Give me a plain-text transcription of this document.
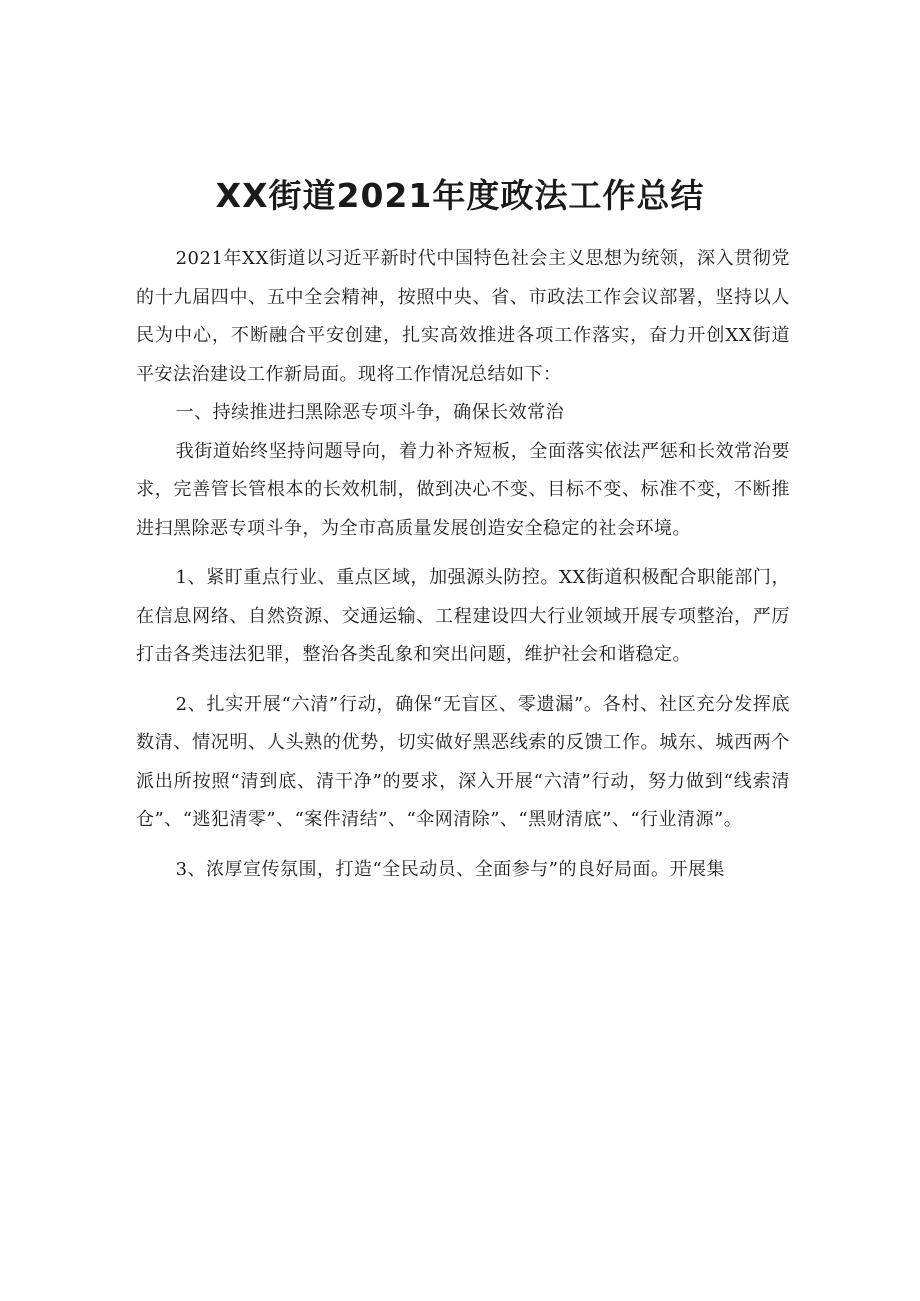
XX街道2021年度政法工作总结

2021年XX街道以习近平新时代中国特色社会主义思想为统领，深入贯彻党的十九届四中、五中全会精神，按照中央、省、市政法工作会议部署，坚持以人民为中心，不断融合平安创建，扎实高效推进各项工作落实，奋力开创XX街道平安法治建设工作新局面。现将工作情况总结如下：

一、持续推进扫黑除恶专项斗争，确保长效常治

我街道始终坚持问题导向，着力补齐短板，全面落实依法严惩和长效常治要求，完善管长管根本的长效机制，做到决心不变、目标不变、标准不变，不断推进扫黑除恶专项斗争，为全市高质量发展创造安全稳定的社会环境。

1、紧盯重点行业、重点区域，加强源头防控。XX街道积极配合职能部门，在信息网络、自然资源、交通运输、工程建设四大行业领域开展专项整治，严厉打击各类违法犯罪，整治各类乱象和突出问题，维护社会和谐稳定。

2、扎实开展“六清”行动，确保“无盲区、零遗漏”。各村、社区充分发挥底数清、情况明、人头熟的优势，切实做好黑恶线索的反馈工作。城东、城西两个派出所按照“清到底、清干净”的要求，深入开展“六清”行动，努力做到“线索清仓”、“逃犯清零”、“案件清结”、“伞网清除”、“黑财清底”、“行业清源”。

3、浓厚宣传氛围，打造“全民动员、全面参与”的良好局面。开展集
